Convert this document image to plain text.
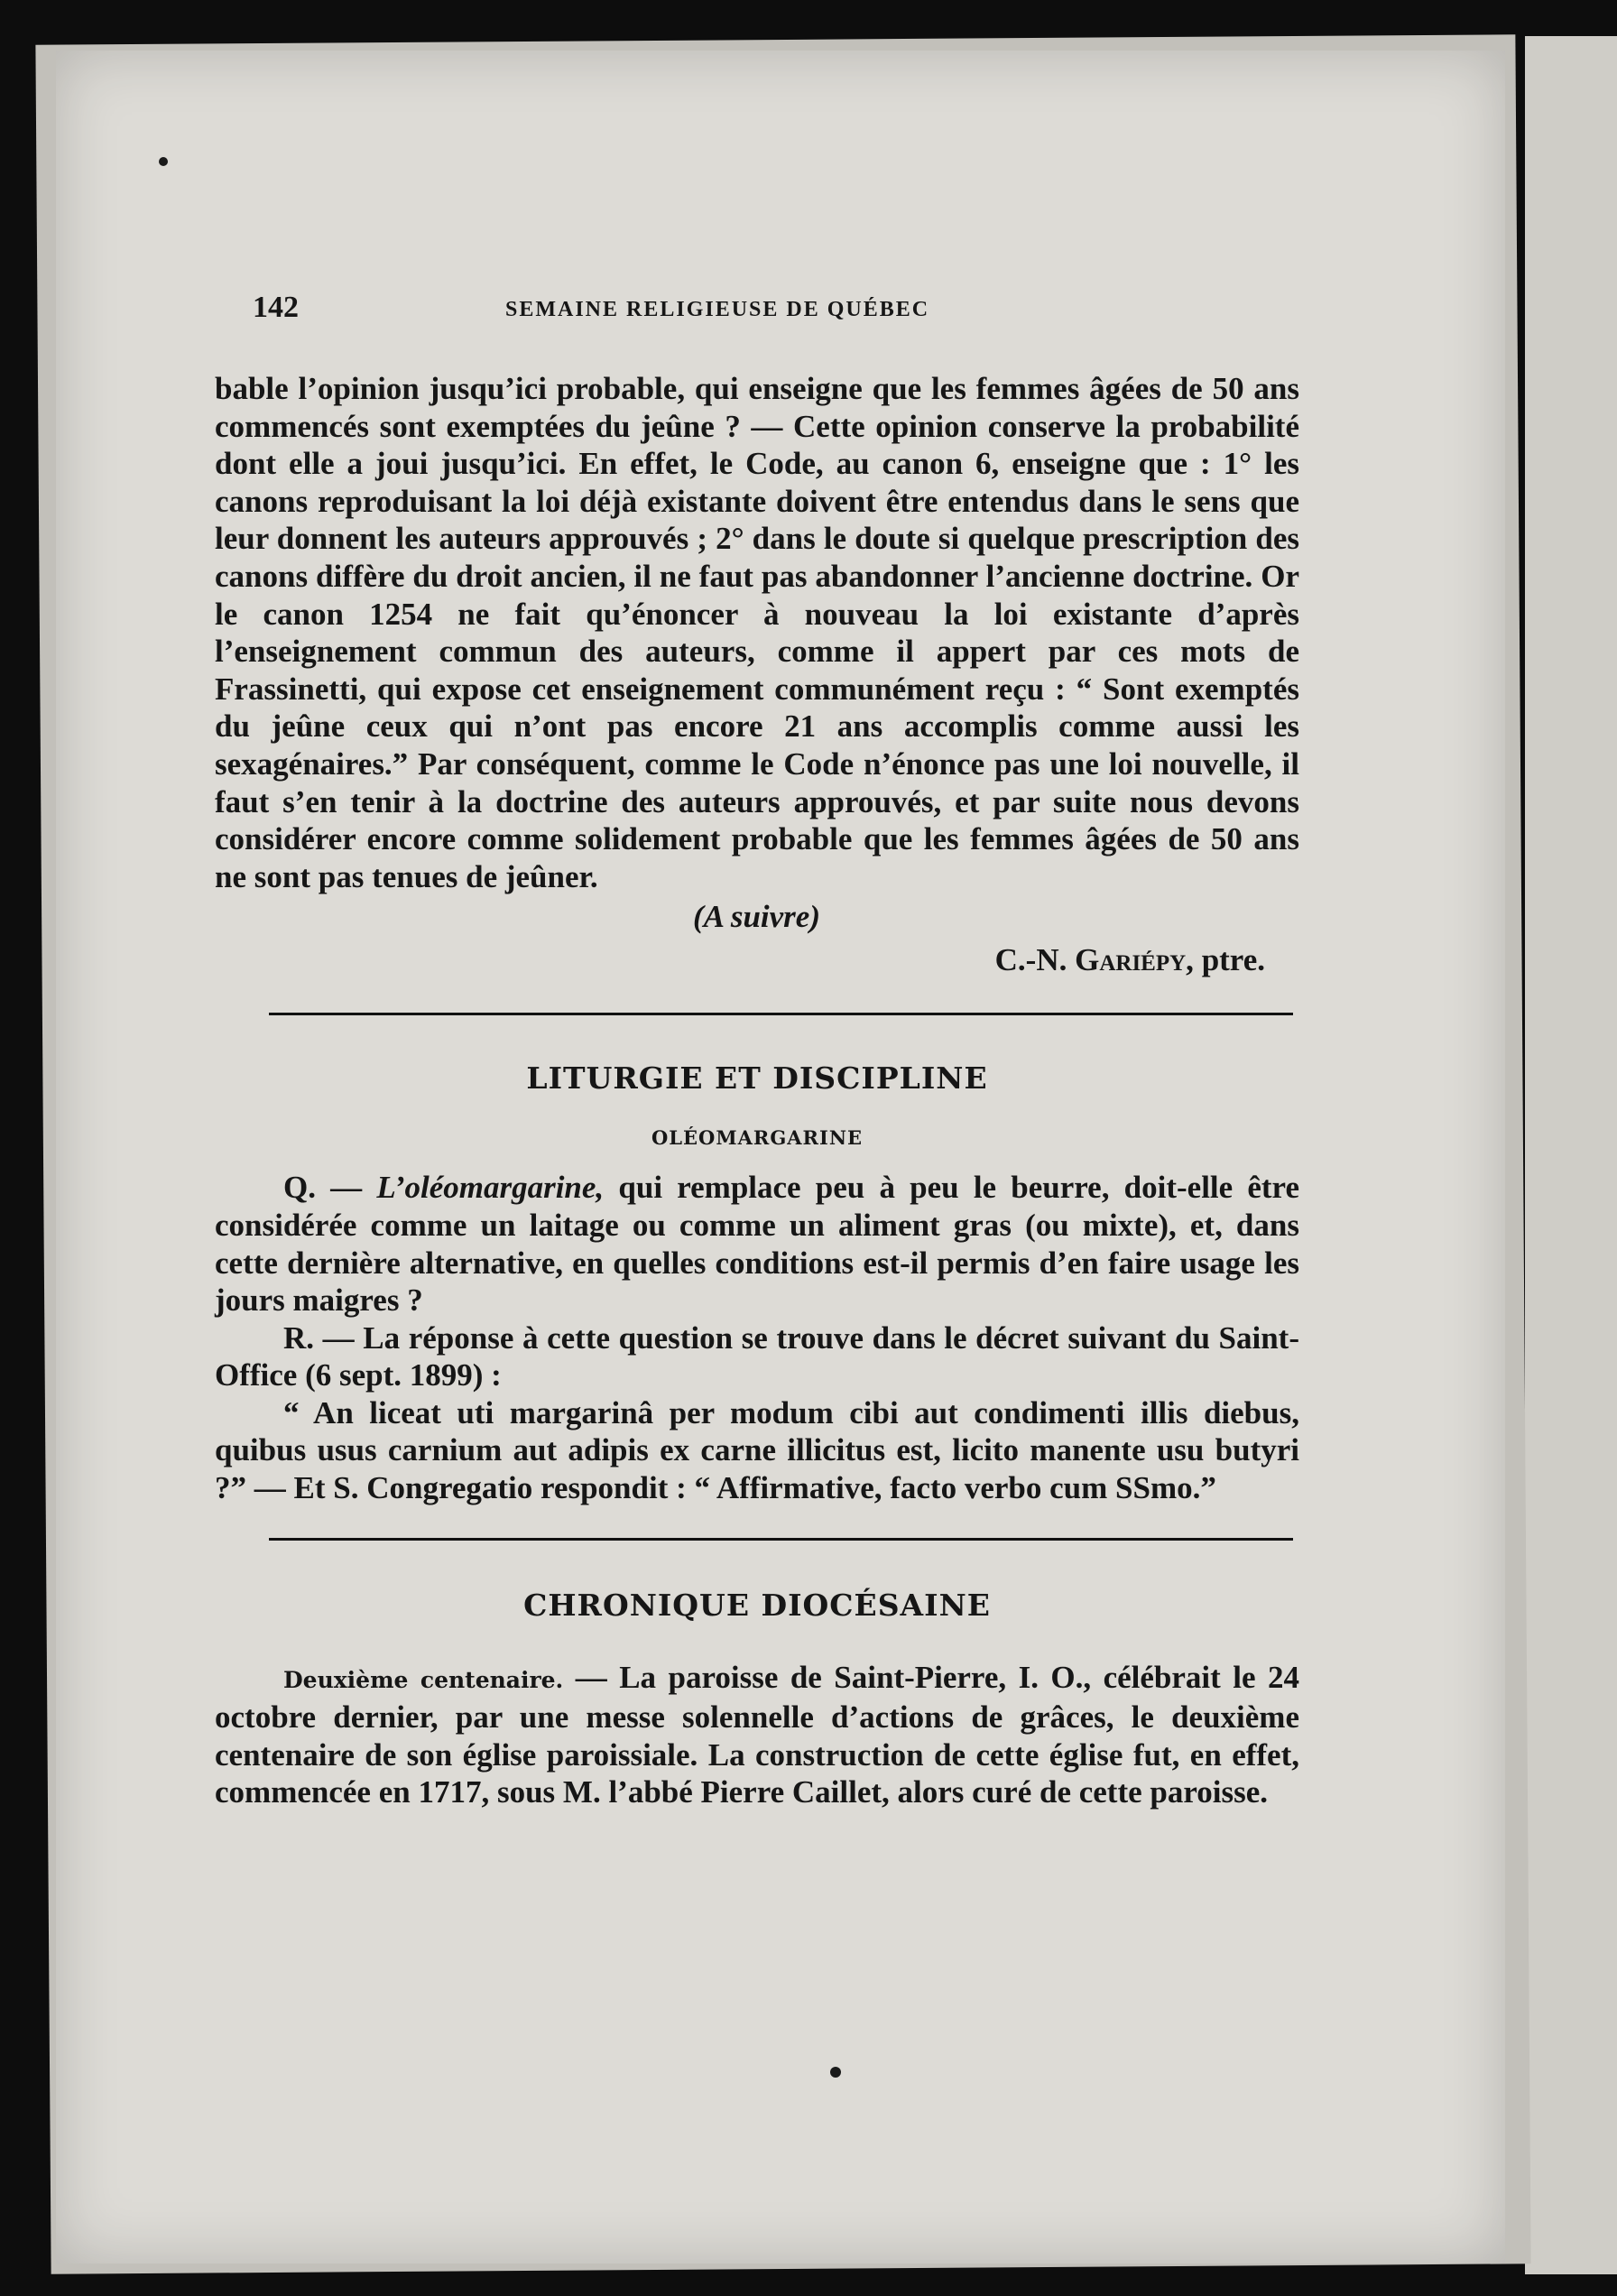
142	SEMAINE RELIGIEUSE DE QUÉBEC

bable l’opinion jusqu’ici probable, qui enseigne que les femmes âgées de 50 ans commencés sont exemptées du jeûne ? — Cette opinion conserve la probabilité dont elle a joui jusqu’ici. En effet, le Code, au canon 6, enseigne que : 1° les canons reproduisant la loi déjà existante doivent être entendus dans le sens que leur donnent les auteurs approuvés ; 2° dans le doute si quelque prescription des canons diffère du droit ancien, il ne faut pas abandonner l’ancienne doctrine. Or le canon 1254 ne fait qu’énoncer à nouveau la loi existante d’après l’enseignement commun des auteurs, comme il appert par ces mots de Frassinetti, qui expose cet enseignement communément reçu : “ Sont exemptés du jeûne ceux qui n’ont pas encore 21 ans accomplis comme aussi les sexagénaires.” Par conséquent, comme le Code n’énonce pas une loi nouvelle, il faut s’en tenir à la doctrine des auteurs approuvés, et par suite nous devons considérer encore comme solidement probable que les femmes âgées de 50 ans ne sont pas tenues de jeûner.

(A suivre)
C.-N. Gariépy, ptre.
LITURGIE ET DISCIPLINE
OLÉOMARGARINE

Q. — L’oléomargarine, qui remplace peu à peu le beurre, doit-elle être considérée comme un laitage ou comme un aliment gras (ou mixte), et, dans cette dernière alternative, en quelles conditions est-il permis d’en faire usage les jours maigres ?

R. — La réponse à cette question se trouve dans le décret suivant du Saint-Office (6 sept. 1899) :

“ An liceat uti margarinâ per modum cibi aut condimenti illis diebus, quibus usus carnium aut adipis ex carne illicitus est, licito manente usu butyri ?” — Et S. Congregatio respondit : “ Affirmative, facto verbo cum SSmo.”

CHRONIQUE DIOCÉSAINE

Deuxième centenaire. — La paroisse de Saint-Pierre, I. O., célébrait le 24 octobre dernier, par une messe solennelle d’actions de grâces, le deuxième centenaire de son église paroissiale. La construction de cette église fut, en effet, commencée en 1717, sous M. l’abbé Pierre Caillet, alors curé de cette paroisse.
